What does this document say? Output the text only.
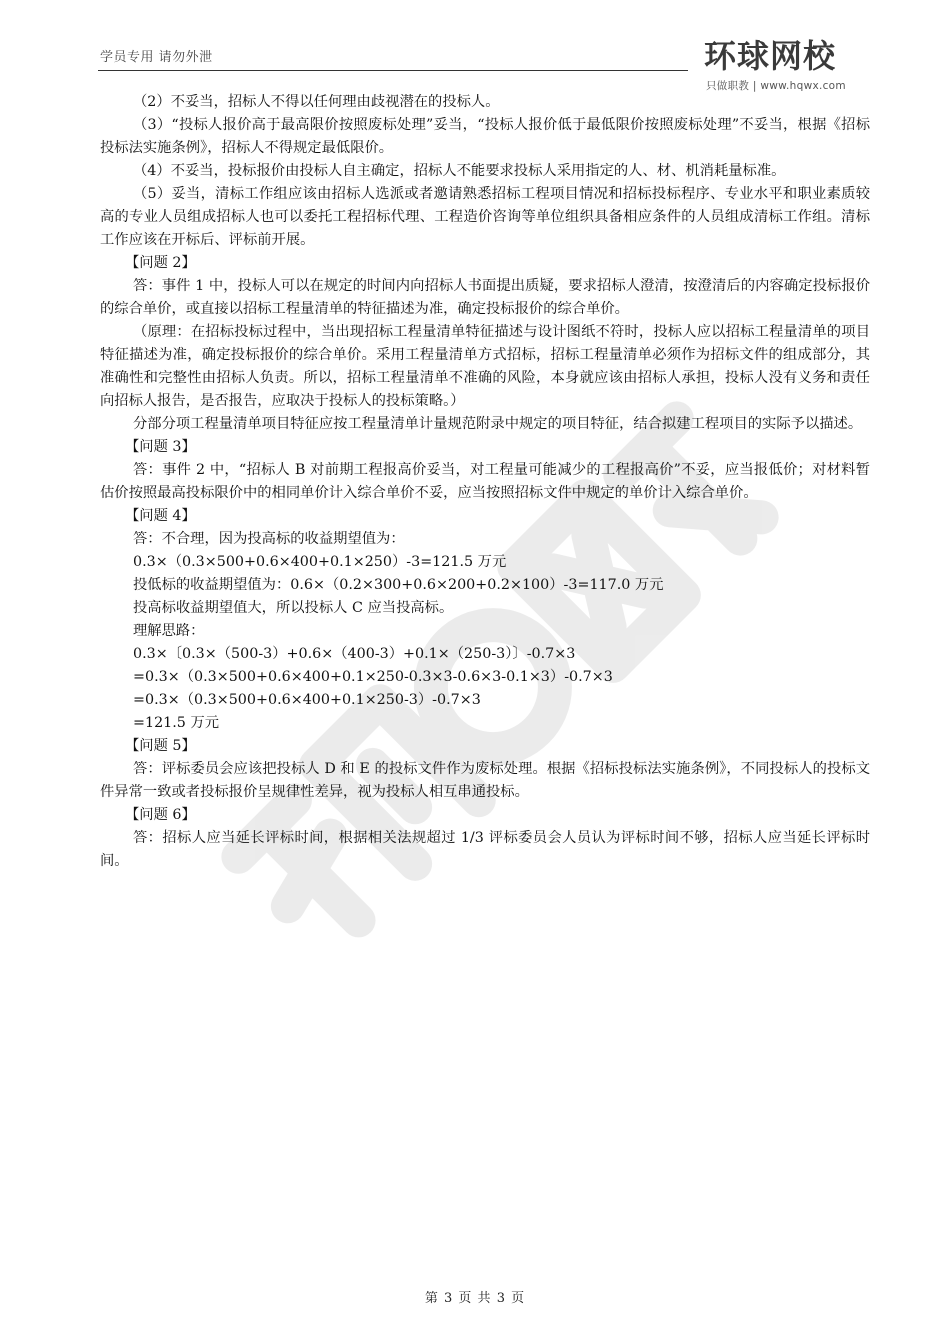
学员专用 请勿外泄	环球网校
只做职教 | www.hqwx.com

（2）不妥当，招标人不得以任何理由歧视潜在的投标人。

（3）“投标人报价高于最高限价按照废标处理”妥当，“投标人报价低于最低限价按照废标处理”不妥当，根据《招标投标法实施条例》，招标人不得规定最低限价。

（4）不妥当，投标报价由投标人自主确定，招标人不能要求投标人采用指定的人、材、机消耗量标准。

（5）妥当，清标工作组应该由招标人选派或者邀请熟悉招标工程项目情况和招标投标程序、专业水平和职业素质较高的专业人员组成招标人也可以委托工程招标代理、工程造价咨询等单位组织具备相应条件的人员组成清标工作组。清标工作应该在开标后、评标前开展。

【问题 2】

答：事件 1 中，投标人可以在规定的时间内向招标人书面提出质疑，要求招标人澄清，按澄清后的内容确定投标报价的综合单价，或直接以招标工程量清单的特征描述为准，确定投标报价的综合单价。

（原理：在招标投标过程中，当出现招标工程量清单特征描述与设计图纸不符时，投标人应以招标工程量清单的项目特征描述为准，确定投标报价的综合单价。采用工程量清单方式招标，招标工程量清单必须作为招标文件的组成部分，其准确性和完整性由招标人负责。所以，招标工程量清单不准确的风险，本身就应该由招标人承担，投标人没有义务和责任向招标人报告，是否报告，应取决于投标人的投标策略。）

分部分项工程量清单项目特征应按工程量清单计量规范附录中规定的项目特征，结合拟建工程项目的实际予以描述。

【问题 3】

答：事件 2 中，“招标人 B 对前期工程报高价妥当，对工程量可能减少的工程报高价”不妥，应当报低价；对材料暂估价按照最高投标限价中的相同单价计入综合单价不妥，应当按照招标文件中规定的单价计入综合单价。

【问题 4】

答：不合理，因为投高标的收益期望值为：

0.3×（0.3×500+0.6×400+0.1×250）-3=121.5 万元

投低标的收益期望值为：0.6×（0.2×300+0.6×200+0.2×100）-3=117.0 万元

投高标收益期望值大，所以投标人 C 应当投高标。

理解思路：

0.3×〔0.3×（500-3）+0.6×（400-3）+0.1×（250-3）〕-0.7×3

=0.3×（0.3×500+0.6×400+0.1×250-0.3×3-0.6×3-0.1×3）-0.7×3

=0.3×（0.3×500+0.6×400+0.1×250-3）-0.7×3

=121.5 万元

【问题 5】

答：评标委员会应该把投标人 D 和 E 的投标文件作为废标处理。根据《招标投标法实施条例》，不同投标人的投标文件异常一致或者投标报价呈规律性差异，视为投标人相互串通投标。

【问题 6】

答：招标人应当延长评标时间，根据相关法规超过 1/3 评标委员会人员认为评标时间不够，招标人应当延长评标时间。

第 3 页 共 3 页
